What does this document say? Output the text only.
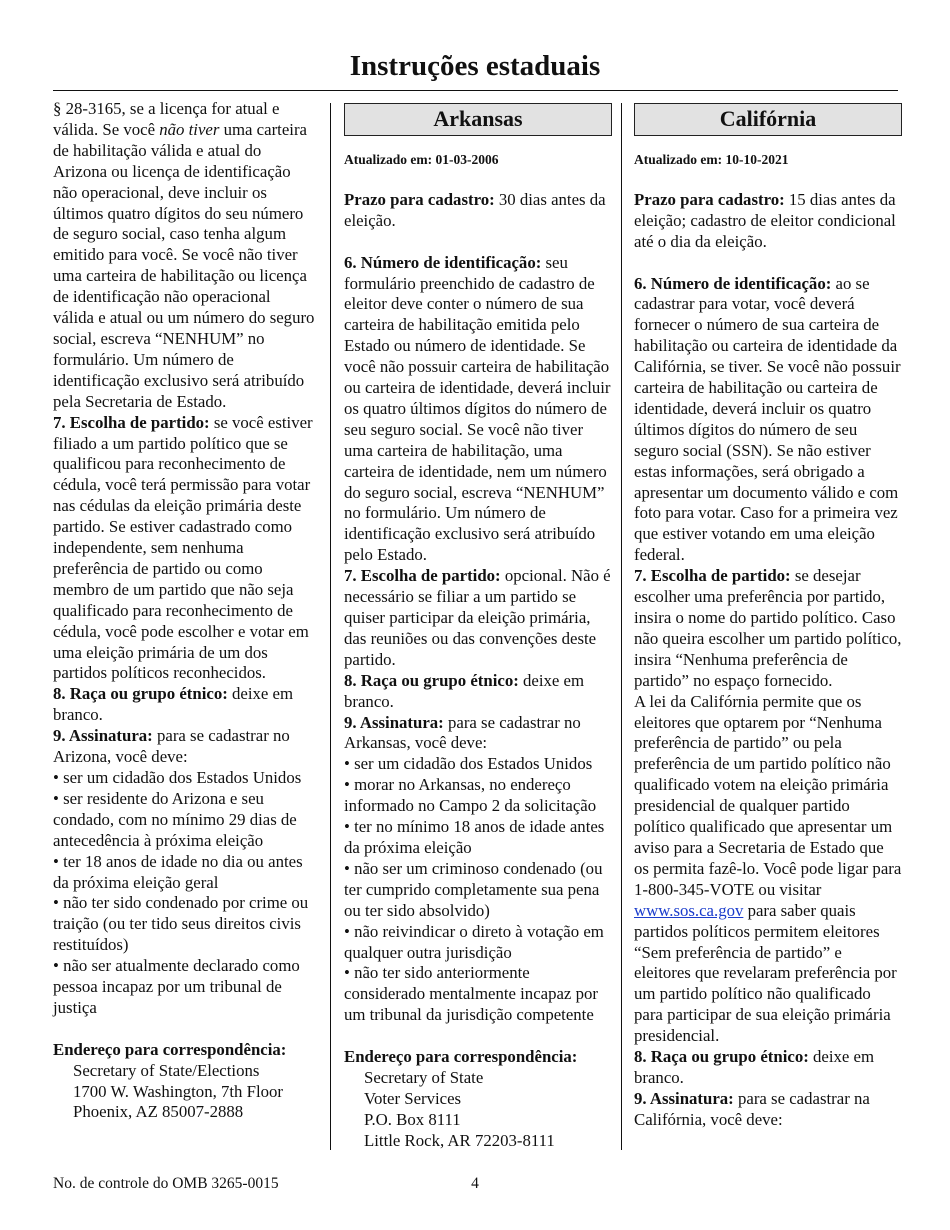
Instruções estaduais

§ 28-3165, se a licença for atual e válida. Se você não tiver uma carteira de habilitação válida e atual do Arizona ou licença de identificação não operacional, deve incluir os últimos quatro dígitos do seu número de seguro social, caso tenha algum emitido para você. Se você não tiver uma carteira de habilitação ou licença de identificação não operacional válida e atual ou um número do seguro social, escreva “NENHUM” no formulário. Um número de identificação exclusivo será atribuído pela Secretaria de Estado.

7. Escolha de partido: se você estiver filiado a um partido político que se qualificou para reconhecimento de cédula, você terá permissão para votar nas cédulas da eleição primária deste partido. Se estiver cadastrado como independente, sem nenhuma preferência de partido ou como membro de um partido que não seja qualificado para reconhecimento de cédula, você pode escolher e votar em uma eleição primária de um dos partidos políticos reconhecidos.

8. Raça ou grupo étnico: deixe em branco.

9. Assinatura: para se cadastrar no Arizona, você deve:

• ser um cidadão dos Estados Unidos

• ser residente do Arizona e seu condado, com no mínimo 29 dias de antecedência à próxima eleição

• ter 18 anos de idade no dia ou antes da próxima eleição geral

• não ter sido condenado por crime ou traição (ou ter tido seus direitos civis restituídos)

• não ser atualmente declarado como pessoa incapaz por um tribunal de justiça

Endereço para correspondência:

Secretary of State/Elections

1700 W. Washington, 7th Floor

Phoenix, AZ 85007-2888

Arkansas
Atualizado em: 01-03-2006

Prazo para cadastro: 30 dias antes da eleição.

6. Número de identificação: seu formulário preenchido de cadastro de eleitor deve conter o número de sua carteira de habilitação emitida pelo Estado ou número de identidade. Se você não possuir carteira de habilitação ou carteira de identidade, deverá incluir os quatro últimos dígitos do número de seu seguro social. Se você não tiver uma carteira de habilitação, uma carteira de identidade, nem um número do seguro social, escreva “NENHUM” no formulário. Um número de identificação exclusivo será atribuído pelo Estado.

7. Escolha de partido: opcional. Não é necessário se filiar a um partido se quiser participar da eleição primária, das reuniões ou das convenções deste partido.

8. Raça ou grupo étnico: deixe em branco.

9. Assinatura: para se cadastrar no Arkansas, você deve:

• ser um cidadão dos Estados Unidos

• morar no Arkansas, no endereço informado no Campo 2 da solicitação

• ter no mínimo 18 anos de idade antes da próxima eleição

• não ser um criminoso condenado (ou ter cumprido completamente sua pena ou ter sido absolvido)

• não reivindicar o direto à votação em qualquer outra jurisdição

• não ter sido anteriormente considerado mentalmente incapaz por um tribunal da jurisdição competente

Endereço para correspondência:

Secretary of State

Voter Services

P.O. Box 8111

Little Rock, AR 72203-8111

Califórnia
Atualizado em: 10-10-2021

Prazo para cadastro: 15 dias antes da eleição; cadastro de eleitor condicional até o dia da eleição.

6. Número de identificação: ao se cadastrar para votar, você deverá fornecer o número de sua carteira de habilitação ou carteira de identidade da Califórnia, se tiver. Se você não possuir carteira de habilitação ou carteira de identidade, deverá incluir os quatro últimos dígitos do número de seu seguro social (SSN). Se não estiver estas informações, será obrigado a apresentar um documento válido e com foto para votar. Caso for a primeira vez que estiver votando em uma eleição federal.

7. Escolha de partido: se desejar escolher uma preferência por partido, insira o nome do partido político. Caso não queira escolher um partido político, insira “Nenhuma preferência de partido” no espaço fornecido.

A lei da Califórnia permite que os eleitores que optarem por “Nenhuma preferência de partido” ou pela preferência de um partido político não qualificado votem na eleição primária presidencial de qualquer partido político qualificado que apresentar um aviso para a Secretaria de Estado que os permita fazê-lo. Você pode ligar para 1-800-345-VOTE ou visitar www.sos.ca.gov para saber quais partidos políticos permitem eleitores “Sem preferência de partido” e eleitores que revelaram preferência por um partido político não qualificado para participar de sua eleição primária presidencial.

8. Raça ou grupo étnico: deixe em branco.

9. Assinatura: para se cadastrar na Califórnia, você deve:

No. de controle do OMB 3265-0015	4
